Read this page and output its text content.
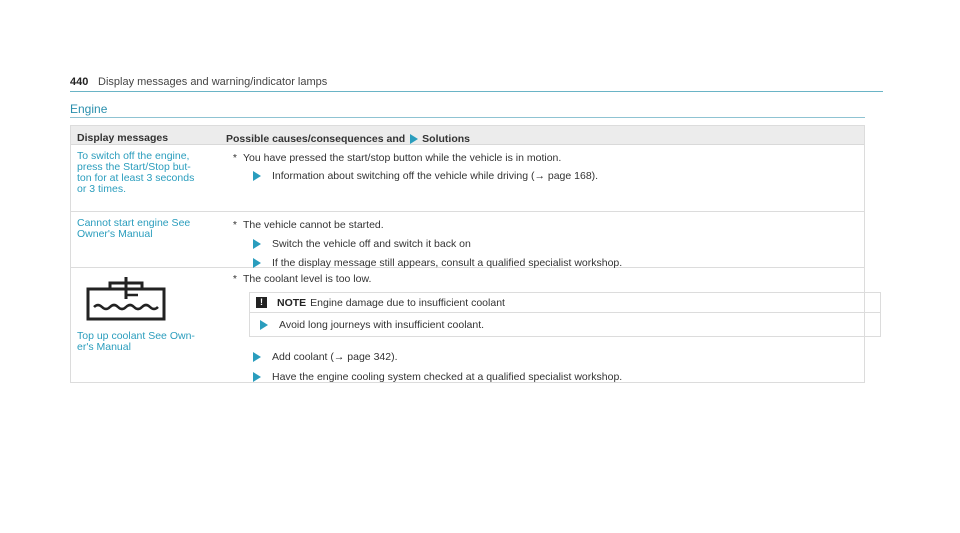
440 Display messages and warning/indicator lamps
Engine
Display messages	Possible causes/consequences and Solutions
To switch off the engine,
press the Start/Stop but-
ton for at least 3 seconds
or 3 times.
* You have pressed the start/stop button while the vehicle is in motion.
Information about switching off the vehicle while driving (→ page 168).
Cannot start engine See
Owner's Manual
* The vehicle cannot be started.
Switch the vehicle off and switch it back on
If the display message still appears, consult a qualified specialist workshop.
Top up coolant See Own-
er's Manual
* The coolant level is too low.
!	NOTE Engine damage due to insufficient coolant
Avoid long journeys with insufficient coolant.
Add coolant (→ page 342).
Have the engine cooling system checked at a qualified specialist workshop.
